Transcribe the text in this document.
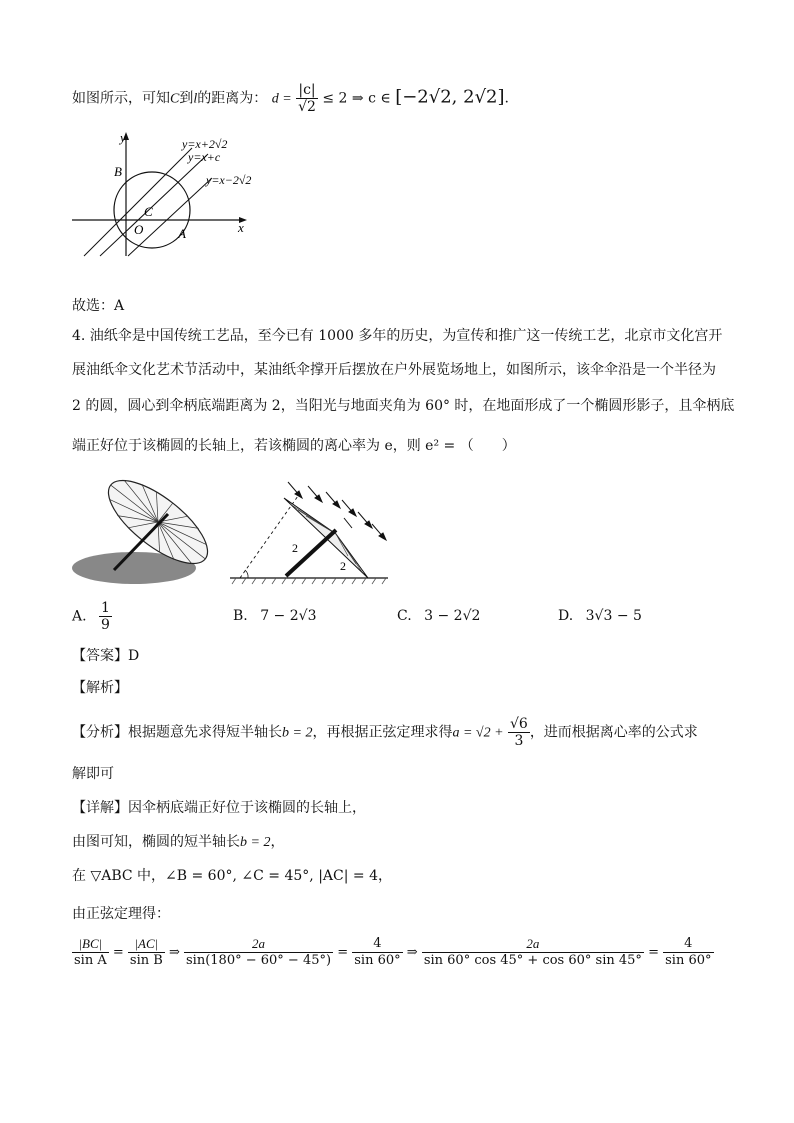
如图所示，可知C到l的距离为： $d = \frac{|c|}{√2} \le 2$ ⇒ c ∈ [−2√2, 2√2].
y
x
B
C
O	A
y=x+2√2
y=x+c
y=x−2√2
故选：A
4. 油纸伞是中国传统工艺品，至今已有 1000 多年的历史，为宣传和推广这一传统工艺，北京市文化宫开
展油纸伞文化艺术节活动中，某油纸伞撑开后摆放在户外展览场地上，如图所示，该伞伞沿是一个半径为
2 的圆，圆心到伞柄底端距离为 2，当阳光与地面夹角为 60° 时，在地面形成了一个椭圆形影子，且伞柄底
端正好位于该椭圆的长轴上，若该椭圆的离心率为 e，则 e² = （　　）
2
2
A. $\frac{1}{9}$	B. 7 − 2√3	C. 3 − 2√2	D. 3√3 − 5
【答案】D
【解析】
【分析】根据题意先求得短半轴长b = 2，再根据正弦定理求得$a = √2 + \frac{√6}{3}$ ，进而根据离心率的公式求
解即可
【详解】因伞柄底端正好位于该椭圆的长轴上，
由图可知，椭圆的短半轴长b = 2，
在 ▽ABC 中，∠B = 60°, ∠C = 45°, |AC| = 4，
由正弦定理得：
$\frac{|BC|}{\text{sin A}} = \frac{|AC|}{\text{sin B}}$ ⇒ $\frac{2a}{\sin(180^\circ - 60^\circ - 45^\circ)} = \frac{4}{\sin 60^\circ}$ ⇒ $\frac{2a}{\sin 60^\circ \cos 45^\circ + \cos 60^\circ \sin 45^\circ} = \frac{4}{\sin 60^\circ}$
